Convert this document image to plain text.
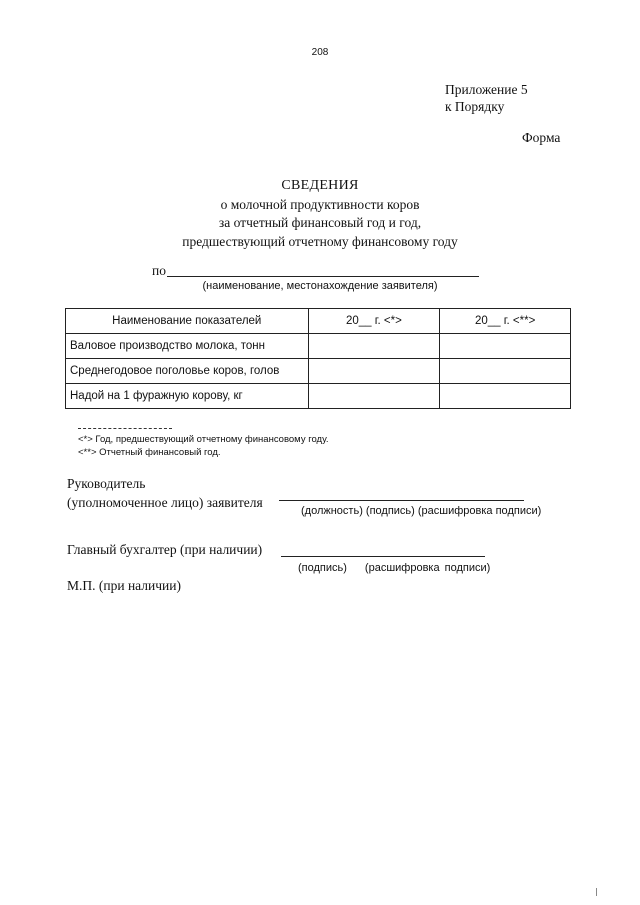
208
Приложение 5
к Порядку
Форма
СВЕДЕНИЯ
о молочной продуктивности коров
за отчетный финансовый год и год,
предшествующий отчетному финансовому году
по
(наименование, местонахождение заявителя)
Наименование показателей	20__ г. <*>	20__ г. <**>
Валовое производство молока, тонн		
Среднегодовое поголовье коров, голов		
Надой на 1 фуражную корову, кг		
<*> Год, предшествующий отчетному финансовому году.
<**> Отчетный финансовый год.
Руководитель
(уполномоченное лицо) заявителя
(должность) (подпись) (расшифровка подписи)
Главный бухгалтер (при наличии)
(подпись) (расшифровка подписи)
М.П. (при наличии)
